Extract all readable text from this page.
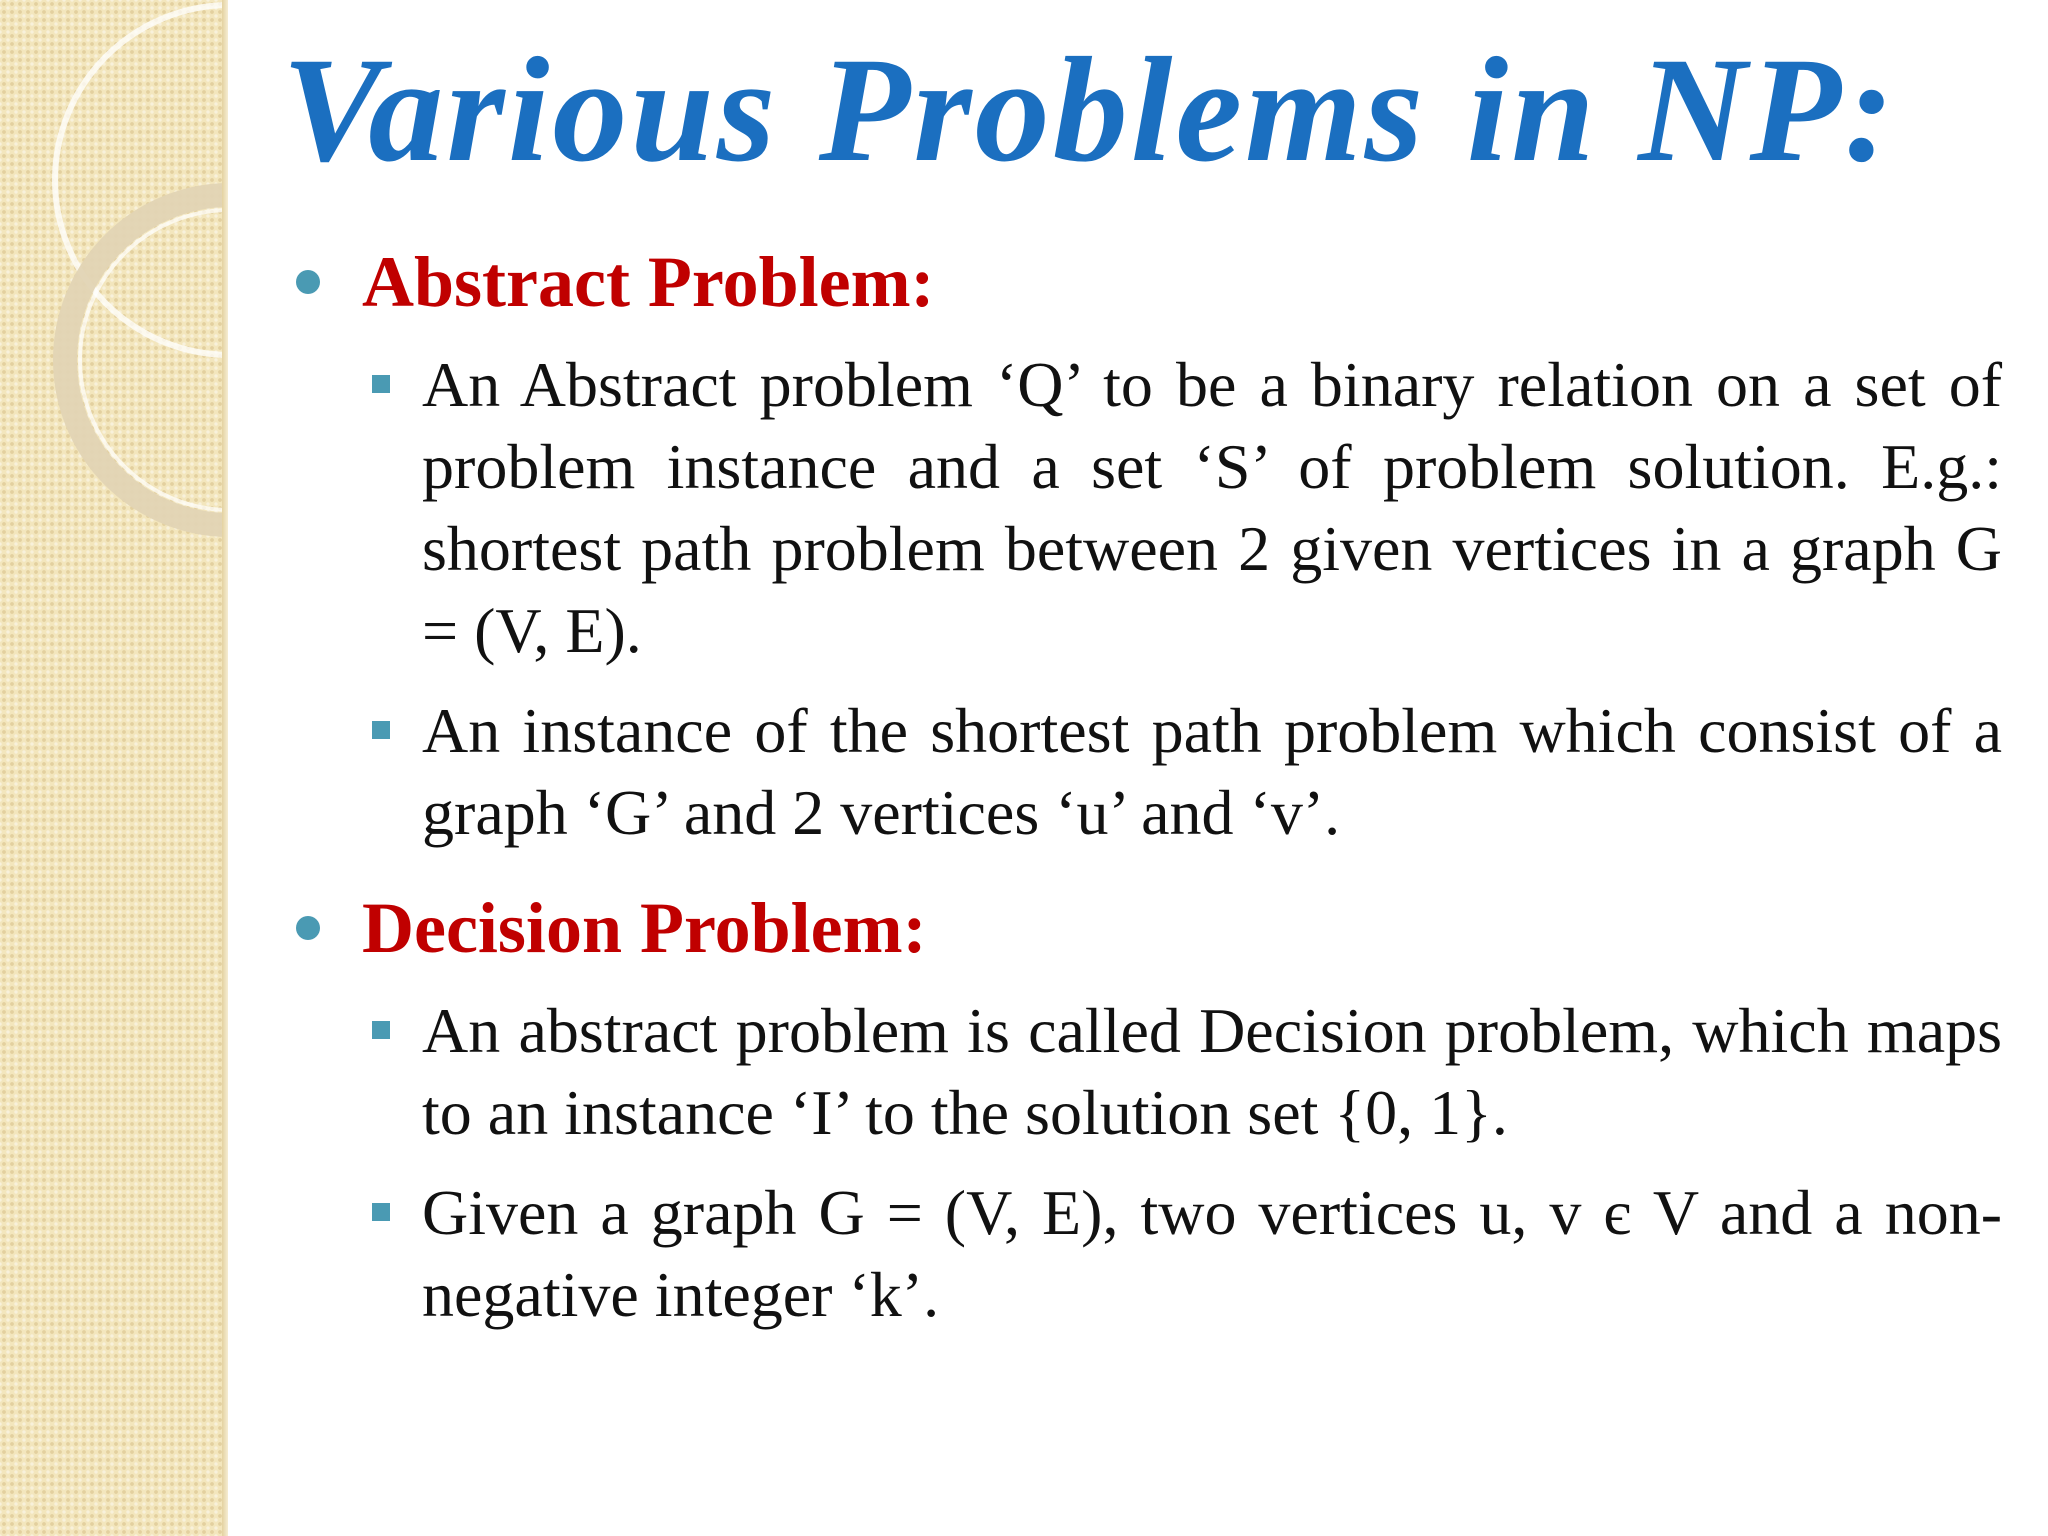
Various Problems in NP:
Abstract Problem:

An Abstract problem ‘Q’ to be a binary relation on a set of problem instance and a set ‘S’ of problem solution. E.g.: shortest path problem between 2 given vertices in a graph G = (V, E).

An instance of the shortest path problem which consist of a graph ‘G’ and 2 vertices ‘u’ and ‘v’.

Decision Problem:

An abstract problem is called Decision problem, which maps to an instance ‘I’ to the solution set {0, 1}.

Given a graph G = (V, E), two vertices u, v є V and a non-negative integer ‘k’.
